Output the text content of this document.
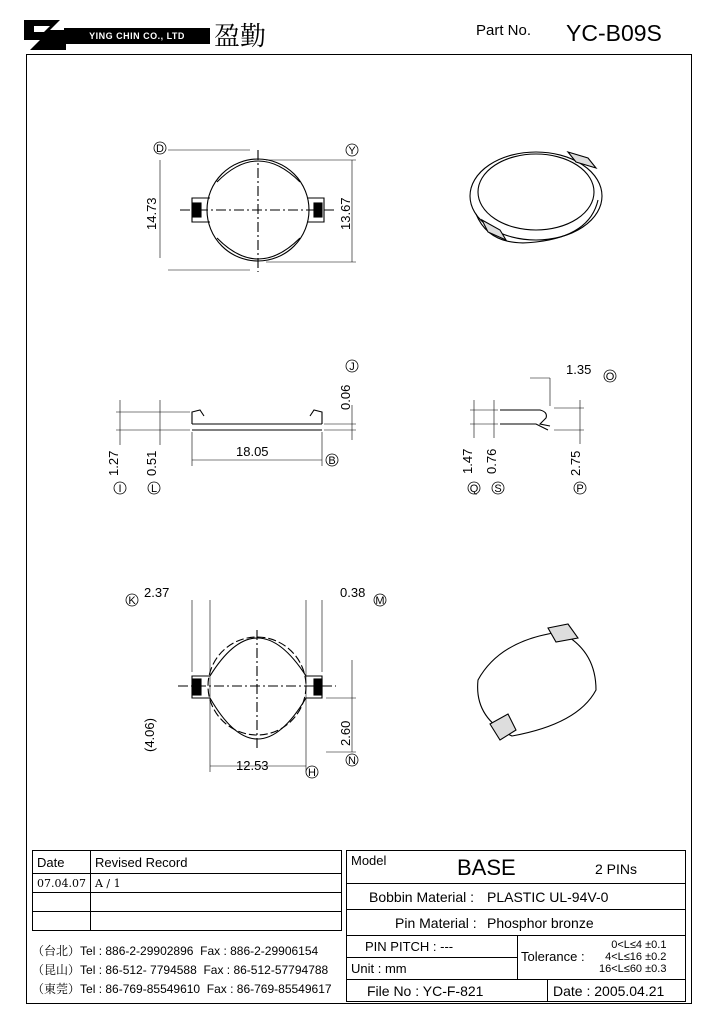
YING CHIN CO., LTD	盈勤	Part No. YC-B09S
D	Y
J
B
I	L
O
Q S	P
K	M
N
H
14.73	13.67
0.06
18.05
1.27 0.51
1.35
1.47 0.76	2.75
2.37	0.38
(4.06)	2.60
12.53
Date	Revised Record
07.04.07	A / 1

（台北）Tel : 886-2-29902896 Fax : 886-2-29906154
（昆山）Tel : 86-512- 7794588 Fax : 86-512-57794788
（東莞）Tel : 86-769-85549610 Fax : 86-769-85549617
Model	BASE	2 PINs
Bobbin Material : PLASTIC UL-94V-0
Pin Material : Phosphor bronze
PIN PITCH : ---
Unit : mm
Tolerance :
0<L≤4 ±0.1
4<L≤16 ±0.2
16<L≤60 ±0.3
File No : YC-F-821	Date : 2005.04.21
